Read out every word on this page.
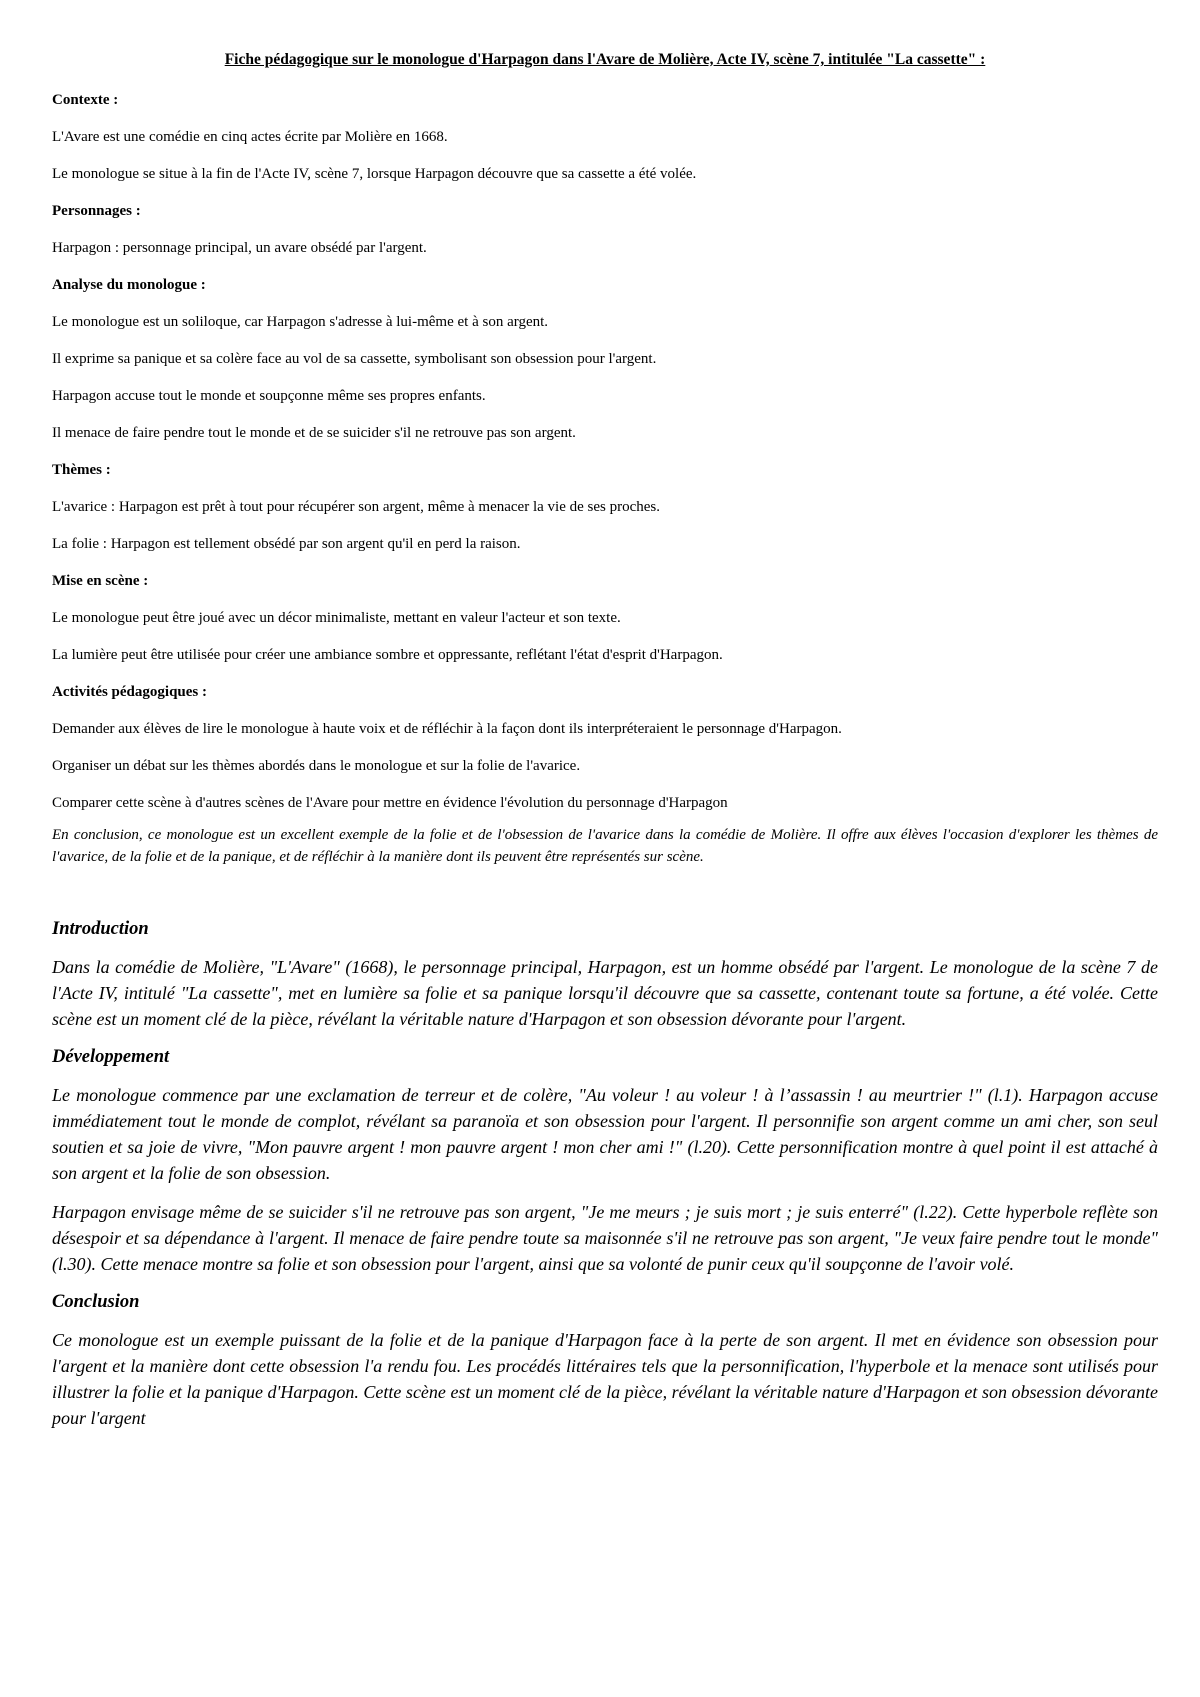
Fiche pédagogique sur le monologue d'Harpagon dans l'Avare de Molière, Acte IV, scène 7, intitulée "La cassette" :
Contexte :
L'Avare est une comédie en cinq actes écrite par Molière en 1668.
Le monologue se situe à la fin de l'Acte IV, scène 7, lorsque Harpagon découvre que sa cassette a été volée.
Personnages :
Harpagon : personnage principal, un avare obsédé par l'argent.
Analyse du monologue :
Le monologue est un soliloque, car Harpagon s'adresse à lui-même et à son argent.
Il exprime sa panique et sa colère face au vol de sa cassette, symbolisant son obsession pour l'argent.
Harpagon accuse tout le monde et soupçonne même ses propres enfants.
Il menace de faire pendre tout le monde et de se suicider s'il ne retrouve pas son argent.
Thèmes :
L'avarice : Harpagon est prêt à tout pour récupérer son argent, même à menacer la vie de ses proches.
La folie : Harpagon est tellement obsédé par son argent qu'il en perd la raison.
Mise en scène :
Le monologue peut être joué avec un décor minimaliste, mettant en valeur l'acteur et son texte.
La lumière peut être utilisée pour créer une ambiance sombre et oppressante, reflétant l'état d'esprit d'Harpagon.
Activités pédagogiques :
Demander aux élèves de lire le monologue à haute voix et de réfléchir à la façon dont ils interpréteraient le personnage d'Harpagon.
Organiser un débat sur les thèmes abordés dans le monologue et sur la folie de l'avarice.
Comparer cette scène à d'autres scènes de l'Avare pour mettre en évidence l'évolution du personnage d'Harpagon
En conclusion, ce monologue est un excellent exemple de la folie et de l'obsession de l'avarice dans la comédie de Molière. Il offre aux élèves l'occasion d'explorer les thèmes de l'avarice, de la folie et de la panique, et de réfléchir à la manière dont ils peuvent être représentés sur scène.
Introduction
Dans la comédie de Molière, "L'Avare" (1668), le personnage principal, Harpagon, est un homme obsédé par l'argent. Le monologue de la scène 7 de l'Acte IV, intitulé "La cassette", met en lumière sa folie et sa panique lorsqu'il découvre que sa cassette, contenant toute sa fortune, a été volée. Cette scène est un moment clé de la pièce, révélant la véritable nature d'Harpagon et son obsession dévorante pour l'argent.
Développement
Le monologue commence par une exclamation de terreur et de colère, "Au voleur ! au voleur ! à l’assassin ! au meurtrier !" (l.1). Harpagon accuse immédiatement tout le monde de complot, révélant sa paranoïa et son obsession pour l'argent. Il personnifie son argent comme un ami cher, son seul soutien et sa joie de vivre, "Mon pauvre argent ! mon pauvre argent ! mon cher ami !" (l.20). Cette personnification montre à quel point il est attaché à son argent et la folie de son obsession.
Harpagon envisage même de se suicider s'il ne retrouve pas son argent, "Je me meurs ; je suis mort ; je suis enterré" (l.22). Cette hyperbole reflète son désespoir et sa dépendance à l'argent. Il menace de faire pendre toute sa maisonnée s'il ne retrouve pas son argent, "Je veux faire pendre tout le monde" (l.30). Cette menace montre sa folie et son obsession pour l'argent, ainsi que sa volonté de punir ceux qu'il soupçonne de l'avoir volé.
Conclusion
Ce monologue est un exemple puissant de la folie et de la panique d'Harpagon face à la perte de son argent. Il met en évidence son obsession pour l'argent et la manière dont cette obsession l'a rendu fou. Les procédés littéraires tels que la personnification, l'hyperbole et la menace sont utilisés pour illustrer la folie et la panique d'Harpagon. Cette scène est un moment clé de la pièce, révélant la véritable nature d'Harpagon et son obsession dévorante pour l'argent
